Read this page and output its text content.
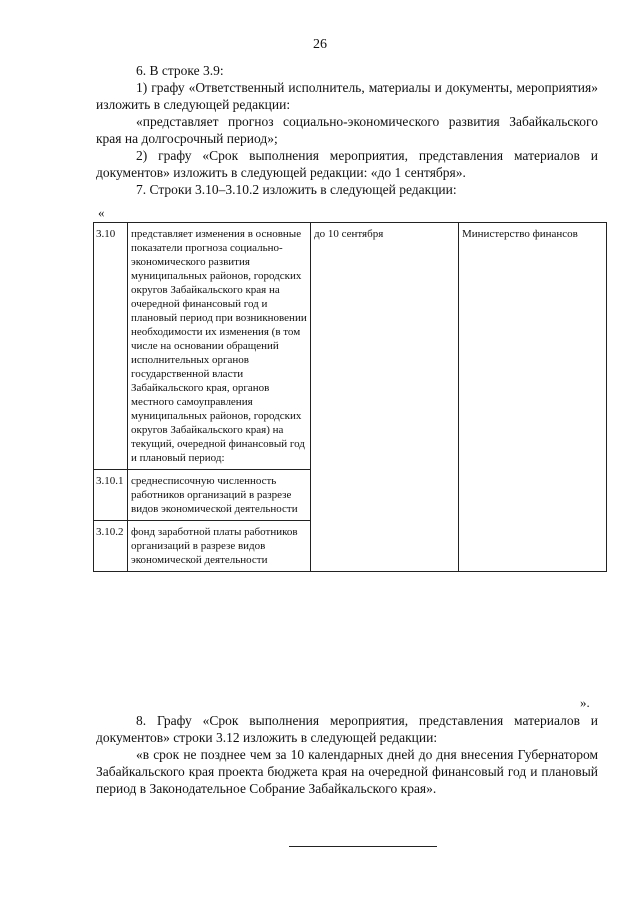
26

6. В строке 3.9:

1) графу «Ответственный исполнитель, материалы и документы, мероприятия» изложить в следующей редакции:

«представляет прогноз социально-экономического развития Забайкальского края на долгосрочный период»;

2) графу «Срок выполнения мероприятия, представления материалов и документов» изложить в следующей редакции: «до 1 сентября».

7. Строки 3.10–3.10.2 изложить в следующей редакции:

«
3.10	представляет изменения в основные показатели прогноза социально-экономического развития муниципальных районов, городских округов Забайкальского края на очередной финансовый год и плановый период при возникновении необходимости их изменения (в том числе на основании обращений исполнительных органов государственной власти Забайкальского края, органов местного самоуправления муниципальных районов, городских округов Забайкальского края) на текущий, очередной финансовый год и плановый период:	до 10 сентября	Министерство финансов
3.10.1	среднесписочную численность работников организаций в разрезе видов экономической деятельности		
3.10.2	фонд заработной платы работников организаций в разрезе видов экономической деятельности		
».

8. Графу «Срок выполнения мероприятия, представления материалов и документов» строки 3.12 изложить в следующей редакции:

«в срок не позднее чем за 10 календарных дней до дня внесения Губернатором Забайкальского края проекта бюджета края на очередной финансовый год и плановый период в Законодательное Собрание Забайкальского края».
